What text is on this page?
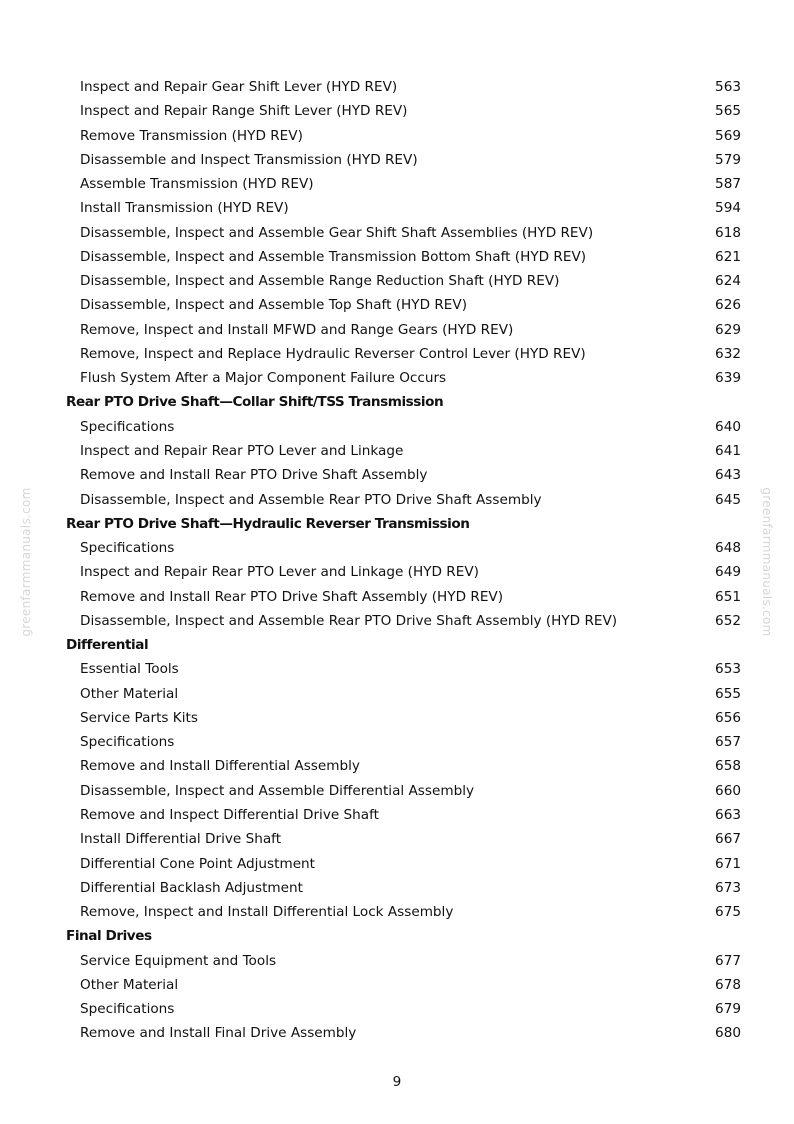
Inspect and Repair Gear Shift Lever (HYD REV)	563
Inspect and Repair Range Shift Lever (HYD REV)	565
Remove Transmission (HYD REV)	569
Disassemble and Inspect Transmission (HYD REV)	579
Assemble Transmission (HYD REV)	587
Install Transmission (HYD REV)	594
Disassemble, Inspect and Assemble Gear Shift Shaft Assemblies (HYD REV)	618
Disassemble, Inspect and Assemble Transmission Bottom Shaft (HYD REV)	621
Disassemble, Inspect and Assemble Range Reduction Shaft (HYD REV)	624
Disassemble, Inspect and Assemble Top Shaft (HYD REV)	626
Remove, Inspect and Install MFWD and Range Gears (HYD REV)	629
Remove, Inspect and Replace Hydraulic Reverser Control Lever (HYD REV)	632
Flush System After a Major Component Failure Occurs	639
Rear PTO Drive Shaft—Collar Shift/TSS Transmission
Specifications	640
Inspect and Repair Rear PTO Lever and Linkage	641
Remove and Install Rear PTO Drive Shaft Assembly	643
Disassemble, Inspect and Assemble Rear PTO Drive Shaft Assembly	645
Rear PTO Drive Shaft—Hydraulic Reverser Transmission
Specifications	648
Inspect and Repair Rear PTO Lever and Linkage (HYD REV)	649
Remove and Install Rear PTO Drive Shaft Assembly (HYD REV)	651
Disassemble, Inspect and Assemble Rear PTO Drive Shaft Assembly (HYD REV)	652
Differential
Essential Tools	653
Other Material	655
Service Parts Kits	656
Specifications	657
Remove and Install Differential Assembly	658
Disassemble, Inspect and Assemble Differential Assembly	660
Remove and Inspect Differential Drive Shaft	663
Install Differential Drive Shaft	667
Differential Cone Point Adjustment	671
Differential Backlash Adjustment	673
Remove, Inspect and Install Differential Lock Assembly	675
Final Drives
Service Equipment and Tools	677
Other Material	678
Specifications	679
Remove and Install Final Drive Assembly	680
greenfarmmanuals.com	greenfarmmanuals.com
9
